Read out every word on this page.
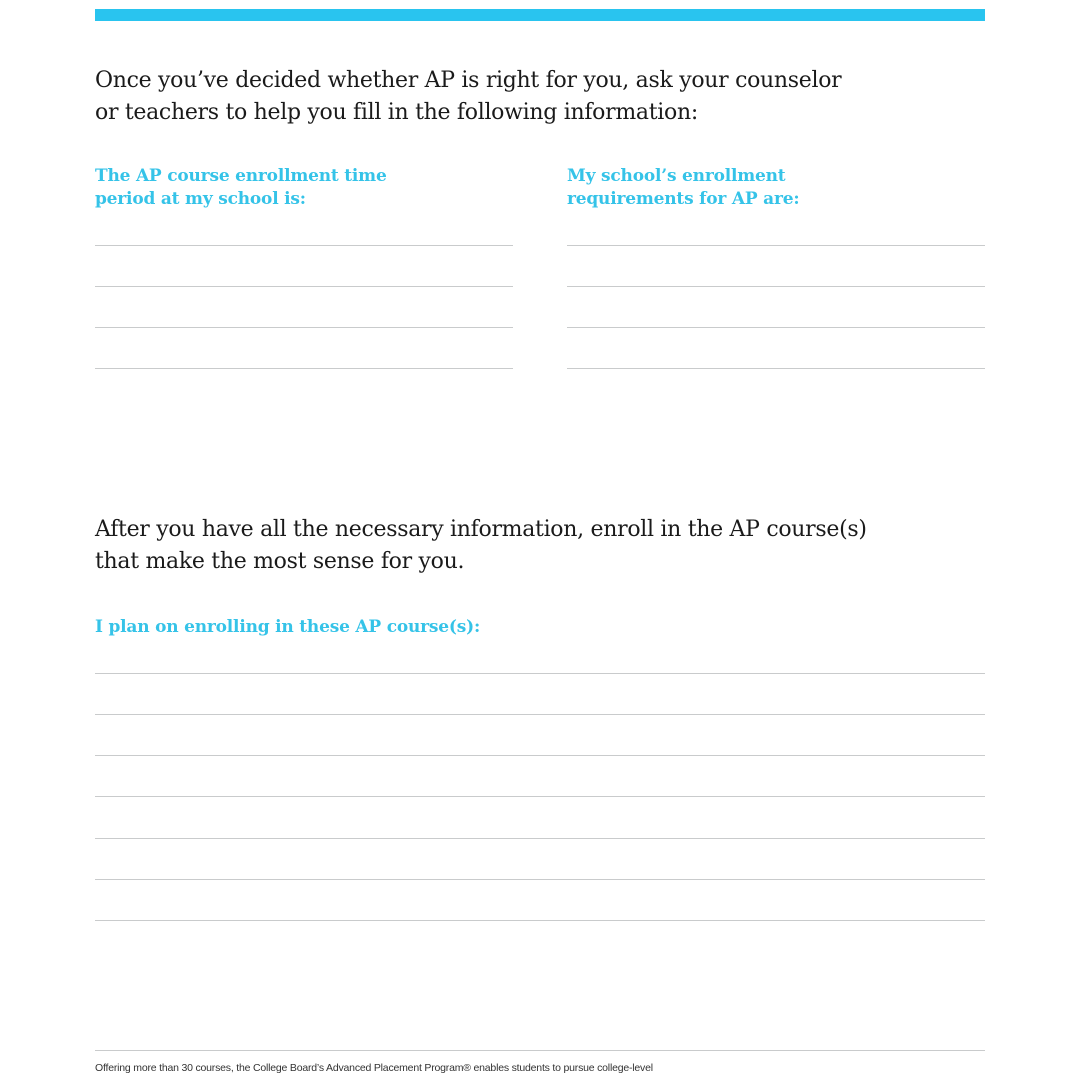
Once you’ve decided whether AP is right for you, ask your counselor
or teachers to help you fill in the following information:
The AP course enrollment time
period at my school is:
My school’s enrollment
requirements for AP are:
After you have all the necessary information, enroll in the AP course(s)
that make the most sense for you.
I plan on enrolling in these AP course(s):
Offering more than 30 courses, the College Board’s Advanced Placement Program® enables students to pursue college-level
